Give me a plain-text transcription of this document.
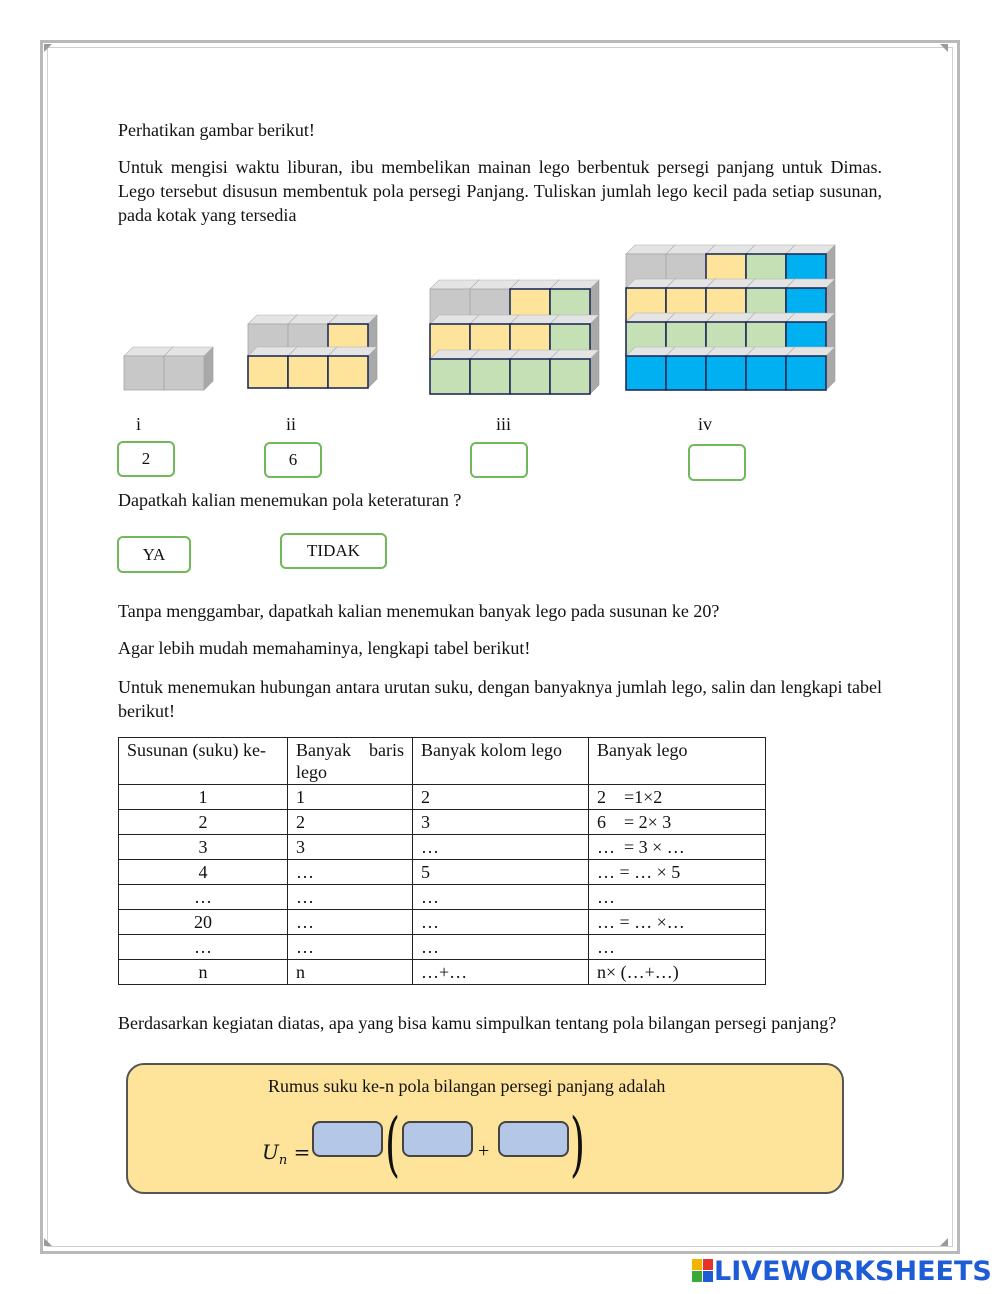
Perhatikan gambar berikut!

Untuk mengisi waktu liburan, ibu membelikan mainan lego berbentuk persegi panjang untuk Dimas. Lego tersebut disusun membentuk pola persegi Panjang. Tuliskan jumlah lego kecil pada setiap susunan, pada kotak yang tersedia

i	ii	iii	iv
2	6

Dapatkah kalian menemukan pola keteraturan ?

YA	TIDAK

Tanpa menggambar, dapatkah kalian menemukan banyak lego pada susunan ke 20?

Agar lebih mudah memahaminya, lengkapi tabel berikut!

Untuk menemukan hubungan antara urutan suku, dengan banyaknya jumlah lego, salin dan lengkapi tabel berikut!

Susunan (suku) ke-	Banyak baris lego	Banyak kolom lego	Banyak lego
1	1	2	2    =1×2
2	2	3	6    = 2× 3
3	3	…	…  = 3 × …
4	…	5	… = … × 5
…	…	…	…
20	…	…	… = … ×…
…	…	…	…
n	n	…+…	n× (…+…)

Berdasarkan kegiatan diatas, apa yang bisa kamu simpulkan tentang pola bilangan persegi panjang?

Rumus suku ke-n pola bilangan persegi panjang adalah
$U_n$ = (	+ )
LIVEWORKSHEETS
